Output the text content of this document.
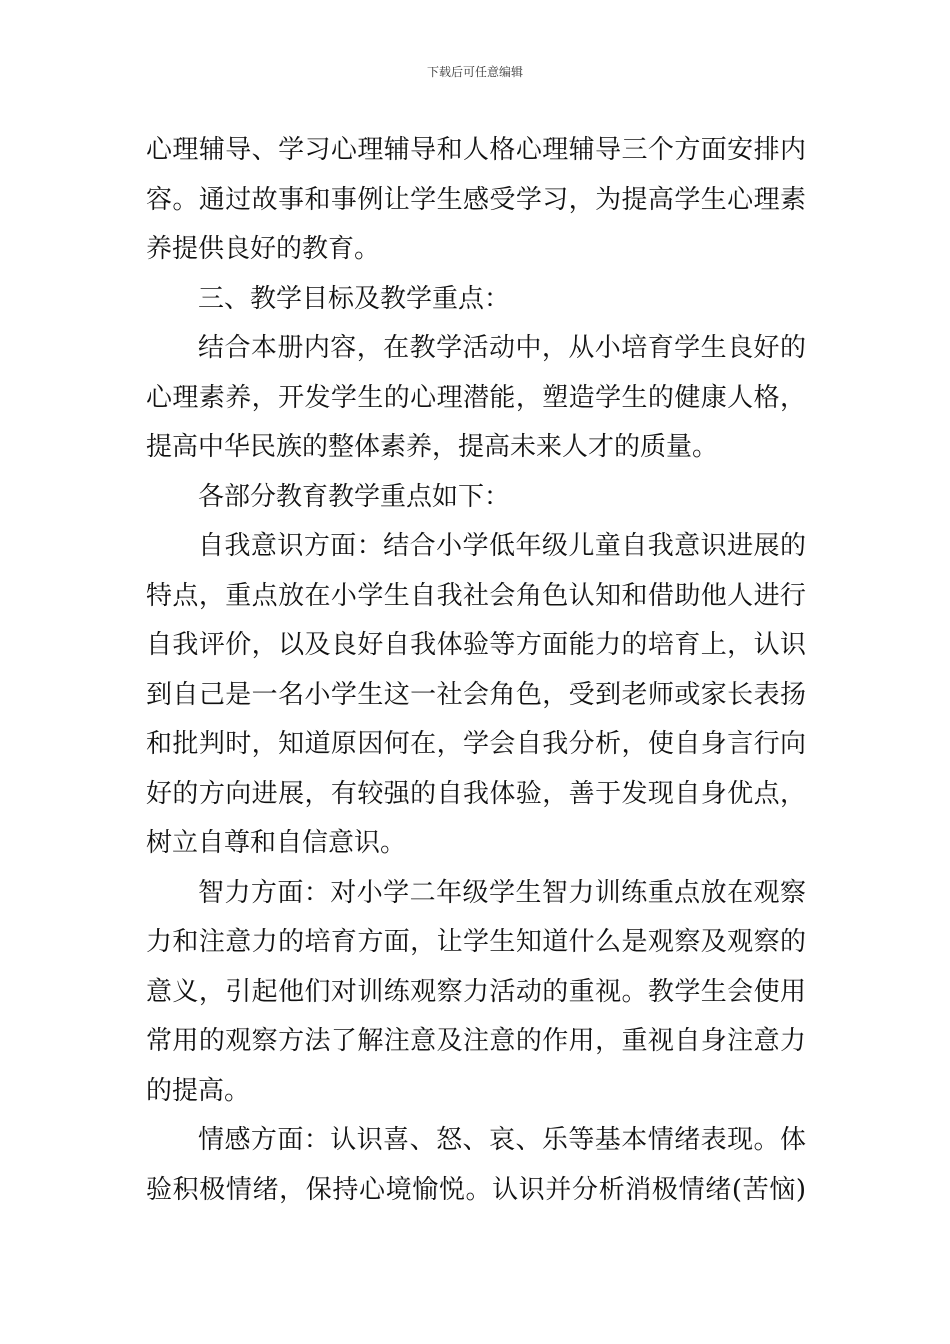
下载后可任意编辑
心理辅导、学习心理辅导和人格心理辅导三个方面安排内
容。通过故事和事例让学生感受学习，为提高学生心理素
养提供良好的教育。
三、教学目标及教学重点：
结合本册内容，在教学活动中，从小培育学生良好的
心理素养，开发学生的心理潜能，塑造学生的健康人格，
提高中华民族的整体素养，提高未来人才的质量。
各部分教育教学重点如下：
自我意识方面：结合小学低年级儿童自我意识进展的
特点，重点放在小学生自我社会角色认知和借助他人进行
自我评价，以及良好自我体验等方面能力的培育上，认识
到自己是一名小学生这一社会角色，受到老师或家长表扬
和批判时，知道原因何在，学会自我分析，使自身言行向
好的方向进展，有较强的自我体验，善于发现自身优点，
树立自尊和自信意识。
智力方面：对小学二年级学生智力训练重点放在观察
力和注意力的培育方面，让学生知道什么是观察及观察的
意义，引起他们对训练观察力活动的重视。教学生会使用
常用的观察方法了解注意及注意的作用，重视自身注意力
的提高。
情感方面：认识喜、怒、哀、乐等基本情绪表现。体
验积极情绪，保持心境愉悦。认识并分析消极情绪(苦恼)
